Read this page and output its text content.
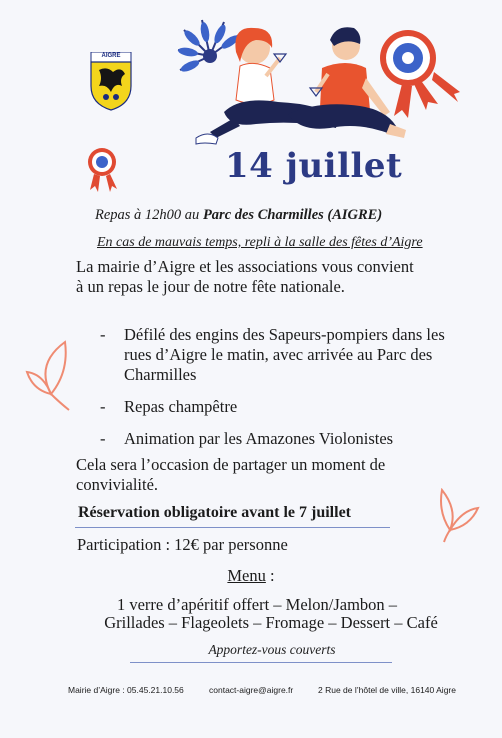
AIGRE
14 juillet
Repas à 12h00 au Parc des Charmilles (AIGRE)
En cas de mauvais temps, repli à la salle des fêtes d’Aigre
La mairie d’Aigre et les associations vous convient à un repas le jour de notre fête nationale.
- Défilé des engins des Sapeurs-pompiers dans les rues d’Aigre le matin, avec arrivée au Parc des Charmilles
- Repas champêtre
- Animation par les Amazones Violonistes
Cela sera l’occasion de partager un moment de convivialité.
Réservation obligatoire avant le 7 juillet
Participation : 12€ par personne
Menu :
1 verre d’apéritif offert – Melon/Jambon –
Grillades – Flageolets – Fromage – Dessert – Café
Apportez-vous couverts
Mairie d’Aigre : 05.45.21.10.56	contact-aigre@aigre.fr	2 Rue de l’hôtel de ville, 16140 Aigre
